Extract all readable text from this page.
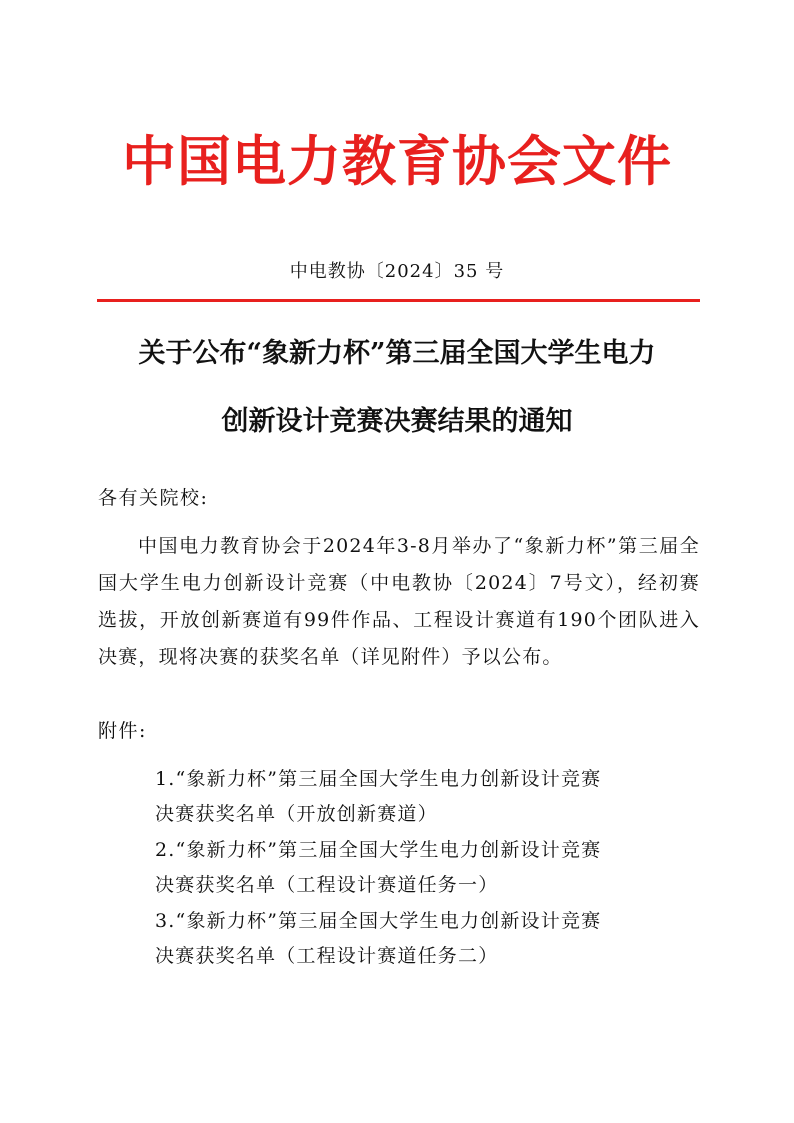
中国电力教育协会文件
中电教协〔2024〕35 号
关于公布“象新力杯”第三届全国大学生电力
创新设计竞赛决赛结果的通知
各有关院校:
中国电力教育协会于2024年3-8月举办了“象新力杯”第三届全国大学生电力创新设计竞赛（中电教协〔2024〕7号文），经初赛选拔，开放创新赛道有99件作品、工程设计赛道有190个团队进入决赛，现将决赛的获奖名单（详见附件）予以公布。
附件:
1.“象新力杯”第三届全国大学生电力创新设计竞赛
决赛获奖名单（开放创新赛道）
2.“象新力杯”第三届全国大学生电力创新设计竞赛
决赛获奖名单（工程设计赛道任务一）
3.“象新力杯”第三届全国大学生电力创新设计竞赛
决赛获奖名单（工程设计赛道任务二）
